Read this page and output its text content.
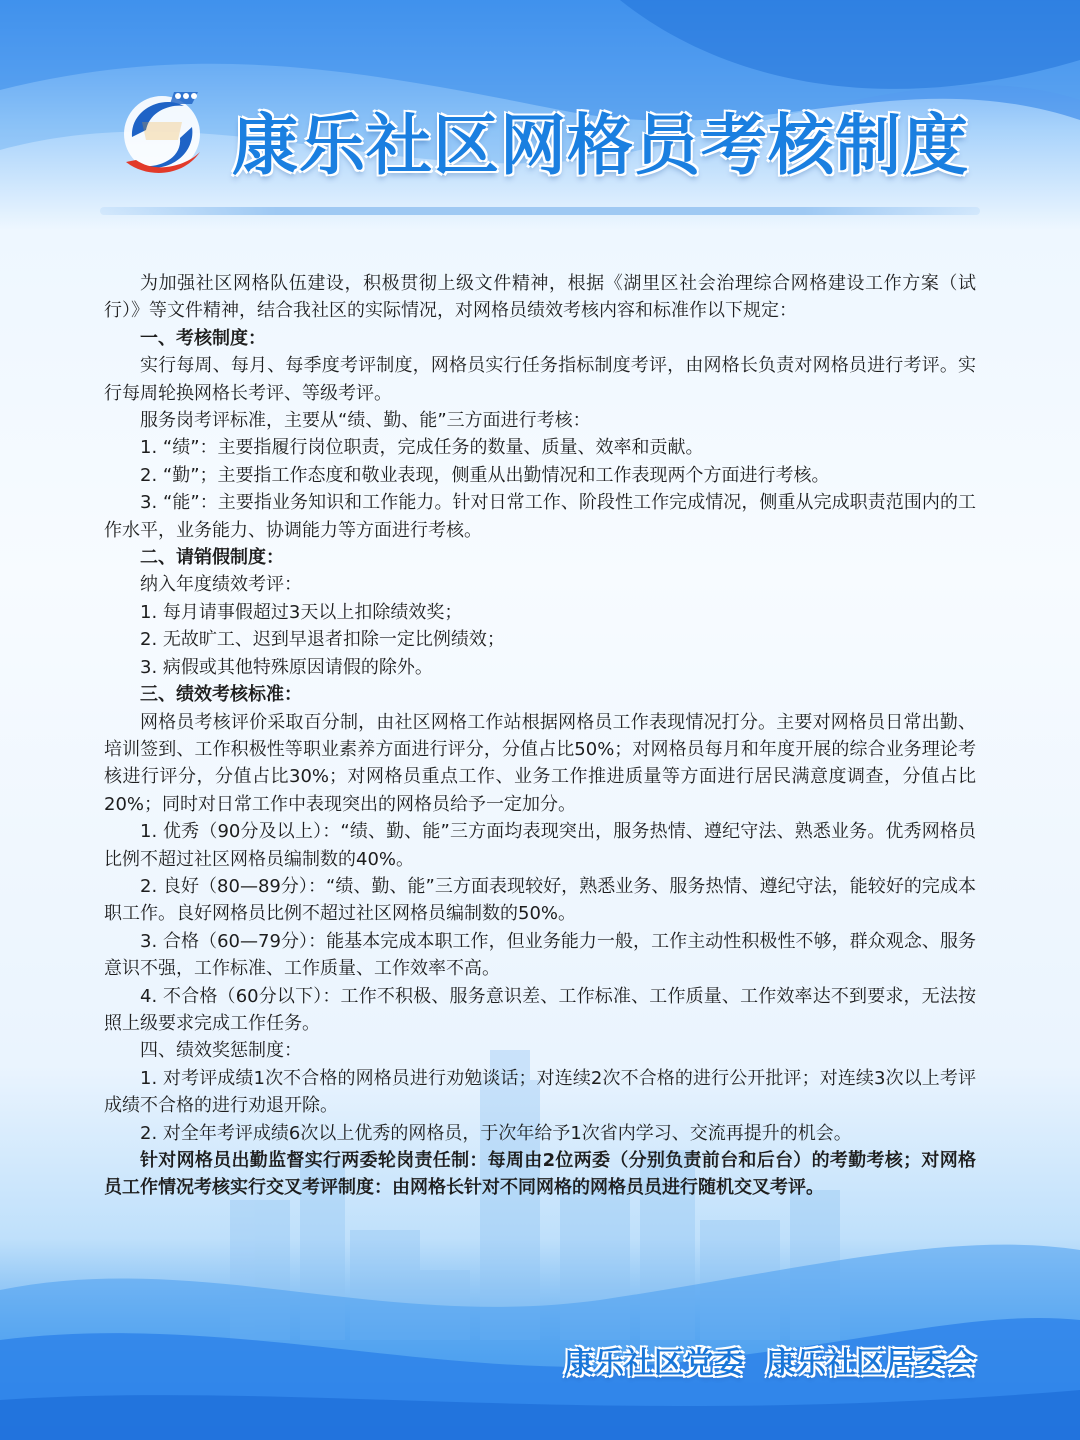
康乐社区网格员考核制度

为加强社区网格队伍建设，积极贯彻上级文件精神，根据《湖里区社会治理综合网格建设工作方案（试行）》等文件精神，结合我社区的实际情况，对网格员绩效考核内容和标准作以下规定：

一、考核制度：

实行每周、每月、每季度考评制度，网格员实行任务指标制度考评，由网格长负责对网格员进行考评。实行每周轮换网格长考评、等级考评。

服务岗考评标准，主要从“绩、勤、能”三方面进行考核：

1. “绩”：主要指履行岗位职责，完成任务的数量、质量、效率和贡献。

2. “勤”；主要指工作态度和敬业表现，侧重从出勤情况和工作表现两个方面进行考核。

3. “能”：主要指业务知识和工作能力。针对日常工作、阶段性工作完成情况，侧重从完成职责范围内的工作水平，业务能力、协调能力等方面进行考核。

二、请销假制度：

纳入年度绩效考评：

1. 每月请事假超过3天以上扣除绩效奖；

2. 无故旷工、迟到早退者扣除一定比例绩效；

3. 病假或其他特殊原因请假的除外。

三、绩效考核标准：

网格员考核评价采取百分制，由社区网格工作站根据网格员工作表现情况打分。主要对网格员日常出勤、培训签到、工作积极性等职业素养方面进行评分，分值占比50%；对网格员每月和年度开展的综合业务理论考核进行评分，分值占比30%；对网格员重点工作、业务工作推进质量等方面进行居民满意度调查，分值占比20%；同时对日常工作中表现突出的网格员给予一定加分。

1. 优秀（90分及以上）：“绩、勤、能”三方面均表现突出，服务热情、遵纪守法、熟悉业务。优秀网格员比例不超过社区网格员编制数的40%。

2. 良好（80—89分）：“绩、勤、能”三方面表现较好，熟悉业务、服务热情、遵纪守法，能较好的完成本职工作。良好网格员比例不超过社区网格员编制数的50%。

3. 合格（60—79分）：能基本完成本职工作，但业务能力一般，工作主动性积极性不够，群众观念、服务意识不强，工作标准、工作质量、工作效率不高。

4. 不合格（60分以下）：工作不积极、服务意识差、工作标准、工作质量、工作效率达不到要求，无法按照上级要求完成工作任务。

四、绩效奖惩制度：

1. 对考评成绩1次不合格的网格员进行劝勉谈话；对连续2次不合格的进行公开批评；对连续3次以上考评成绩不合格的进行劝退开除。

2. 对全年考评成绩6次以上优秀的网格员，于次年给予1次省内学习、交流再提升的机会。

针对网格员出勤监督实行两委轮岗责任制：每周由2位两委（分别负责前台和后台）的考勤考核；对网格员工作情况考核实行交叉考评制度：由网格长针对不同网格的网格员员进行随机交叉考评。

康乐社区党委 康乐社区居委会
